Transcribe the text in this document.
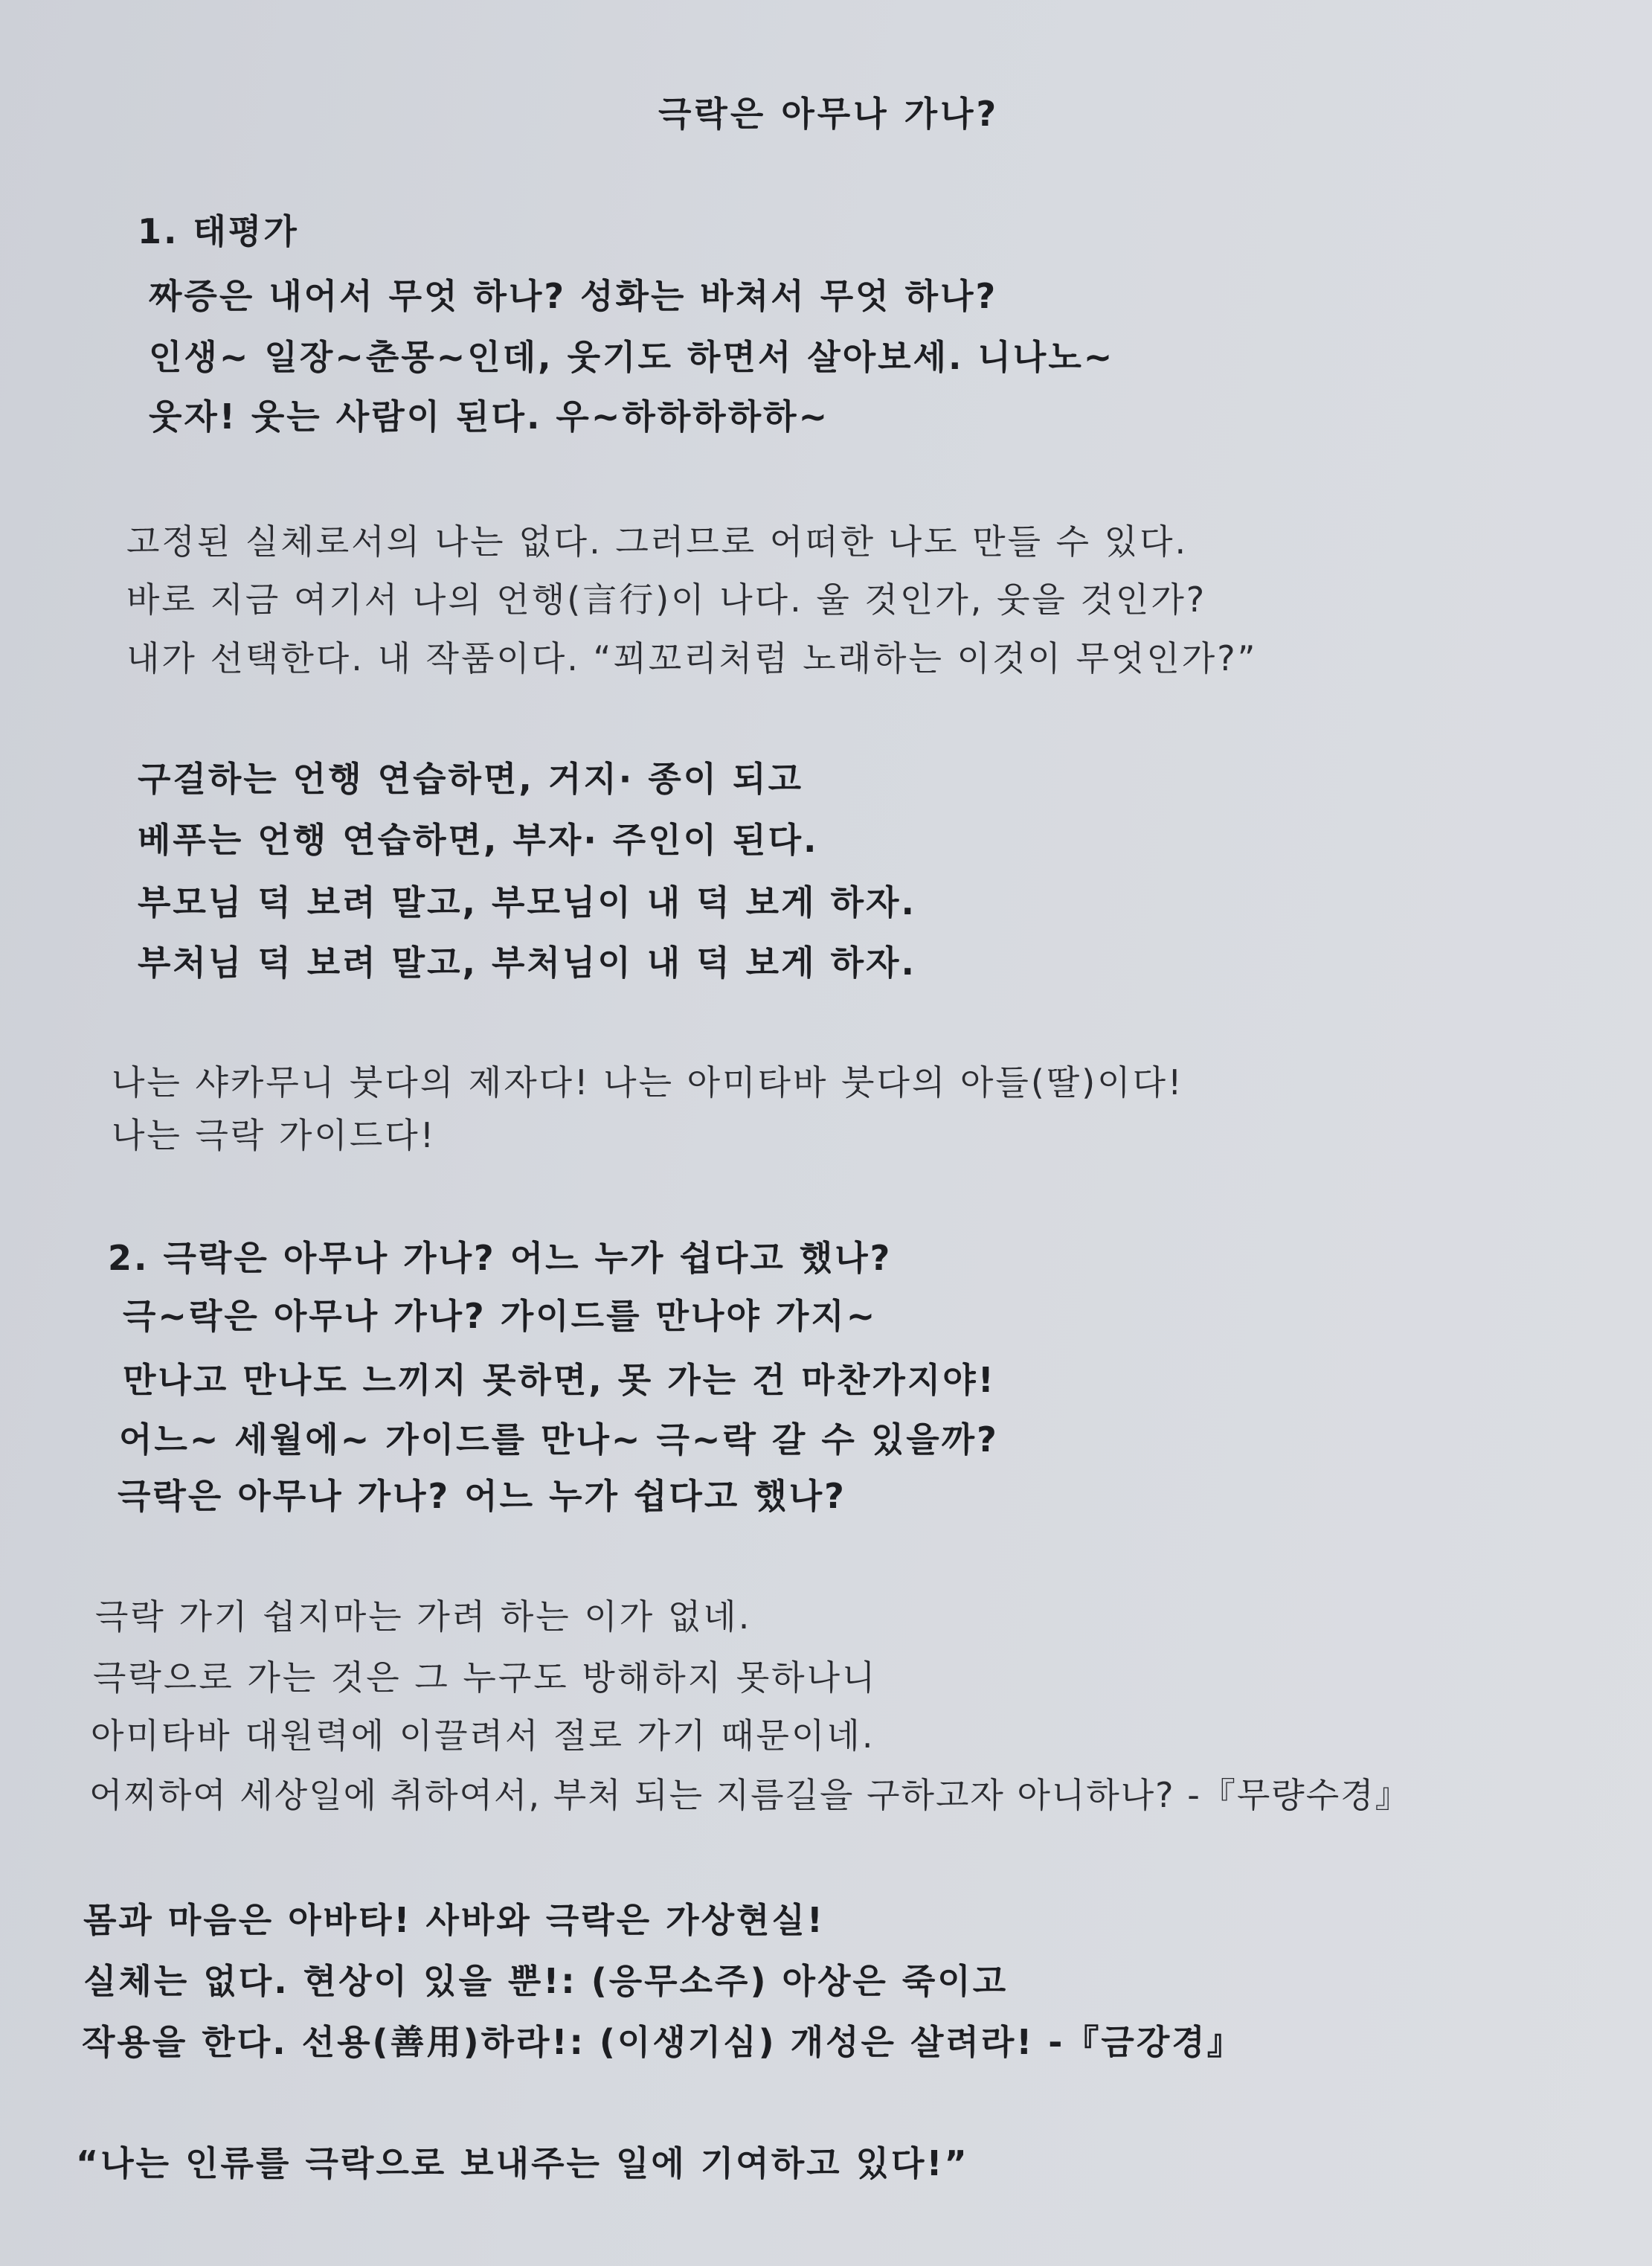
극락은 아무나 가나?
1. 태평가
짜증은 내어서 무엇 하나? 성화는 바쳐서 무엇 하나?
인생~ 일장~춘몽~인데, 웃기도 하면서 살아보세. 니나노~
웃자! 웃는 사람이 된다. 우~하하하하하~
고정된 실체로서의 나는 없다. 그러므로 어떠한 나도 만들 수 있다.
바로 지금 여기서 나의 언행(言行)이 나다. 울 것인가, 웃을 것인가?
내가 선택한다. 내 작품이다. “꾀꼬리처럼 노래하는 이것이 무엇인가?”
구걸하는 언행 연습하면, 거지· 종이 되고
베푸는 언행 연습하면, 부자· 주인이 된다.
부모님 덕 보려 말고, 부모님이 내 덕 보게 하자.
부처님 덕 보려 말고, 부처님이 내 덕 보게 하자.
나는 샤카무니 붓다의 제자다! 나는 아미타바 붓다의 아들(딸)이다!
나는 극락 가이드다!
2. 극락은 아무나 가나? 어느 누가 쉽다고 했나?
극~락은 아무나 가나? 가이드를 만나야 가지~
만나고 만나도 느끼지 못하면, 못 가는 건 마찬가지야!
어느~ 세월에~ 가이드를 만나~ 극~락 갈 수 있을까?
극락은 아무나 가나? 어느 누가 쉽다고 했나?
극락 가기 쉽지마는 가려 하는 이가 없네.
극락으로 가는 것은 그 누구도 방해하지 못하나니
아미타바 대원력에 이끌려서 절로 가기 때문이네.
어찌하여 세상일에 취하여서, 부처 되는 지름길을 구하고자 아니하나? -『무량수경』
몸과 마음은 아바타! 사바와 극락은 가상현실!
실체는 없다. 현상이 있을 뿐!: (응무소주) 아상은 죽이고
작용을 한다. 선용(善用)하라!: (이생기심) 개성은 살려라! -『금강경』
“나는 인류를 극락으로 보내주는 일에 기여하고 있다!”
